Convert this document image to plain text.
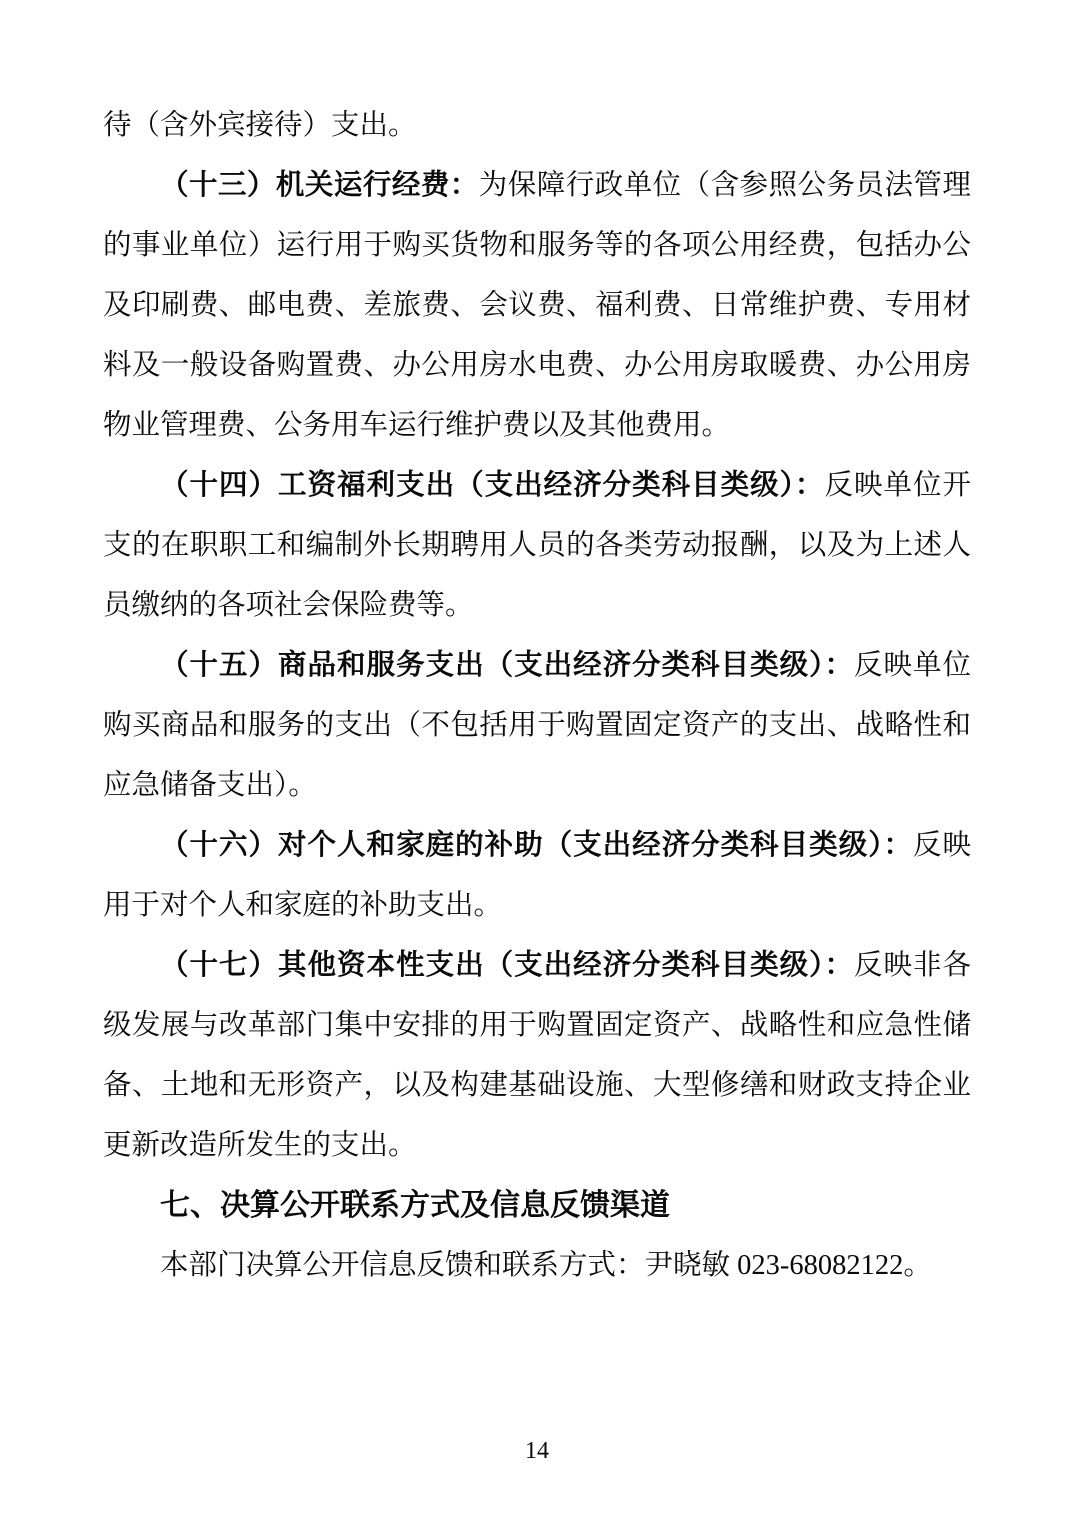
待（含外宾接待）支出。

（十三）机关运行经费：为保障行政单位（含参照公务员法管理的事业单位）运行用于购买货物和服务等的各项公用经费，包括办公及印刷费、邮电费、差旅费、会议费、福利费、日常维护费、专用材料及一般设备购置费、办公用房水电费、办公用房取暖费、办公用房物业管理费、公务用车运行维护费以及其他费用。

（十四）工资福利支出（支出经济分类科目类级）：反映单位开支的在职职工和编制外长期聘用人员的各类劳动报酬，以及为上述人员缴纳的各项社会保险费等。

（十五）商品和服务支出（支出经济分类科目类级）：反映单位购买商品和服务的支出（不包括用于购置固定资产的支出、战略性和应急储备支出）。

（十六）对个人和家庭的补助（支出经济分类科目类级）：反映用于对个人和家庭的补助支出。

（十七）其他资本性支出（支出经济分类科目类级）：反映非各级发展与改革部门集中安排的用于购置固定资产、战略性和应急性储备、土地和无形资产，以及构建基础设施、大型修缮和财政支持企业更新改造所发生的支出。

七、决算公开联系方式及信息反馈渠道

本部门决算公开信息反馈和联系方式：尹晓敏 023-68082122。

14
